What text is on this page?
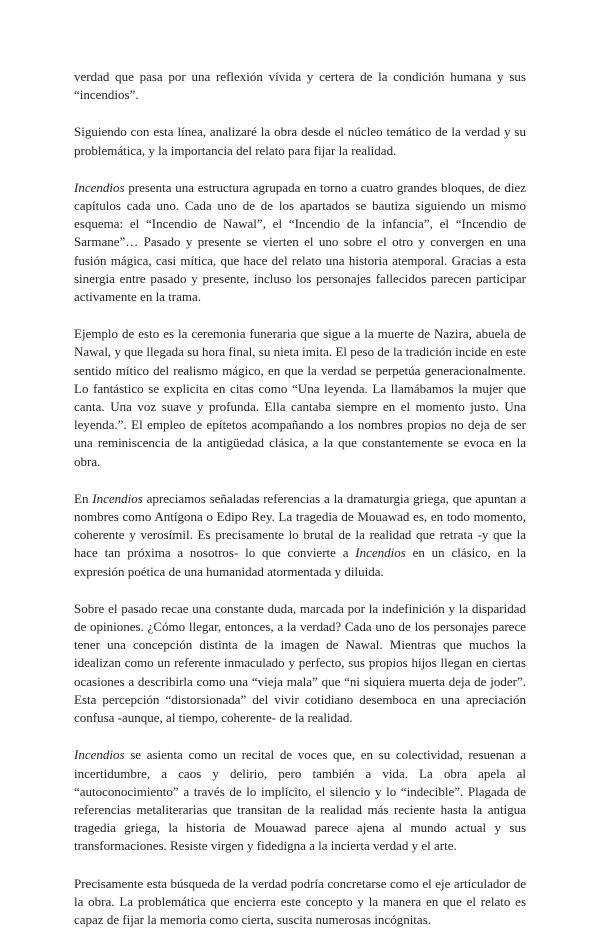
verdad que pasa por una reflexión vívida y certera de la condición humana y sus “incendios”.

Siguiendo con esta línea, analizaré la obra desde el núcleo temático de la verdad y su problemática, y la importancia del relato para fijar la realidad.

Incendios presenta una estructura agrupada en torno a cuatro grandes bloques, de diez capítulos cada uno. Cada uno de de los apartados se bautiza siguiendo un mismo esquema: el “Incendio de Nawal”, el “Incendio de la infancia”, el “Incendio de Sarmane”… Pasado y presente se vierten el uno sobre el otro y convergen en una fusión mágica, casi mítica, que hace del relato una historia atemporal. Gracias a esta sinergia entre pasado y presente, incluso los personajes fallecidos parecen participar activamente en la trama.

Ejemplo de esto es la ceremonia funeraria que sigue a la muerte de Nazira, abuela de Nawal, y que llegada su hora final, su nieta imita. El peso de la tradición incide en este sentido mítico del realismo mágico, en que la verdad se perpetúa generacionalmente. Lo fantástico se explicita en citas como “Una leyenda. La llamábamos la mujer que canta. Una voz suave y profunda. Ella cantaba siempre en el momento justo. Una leyenda.”. El empleo de epítetos acompañando a los nombres propios no deja de ser una reminiscencia de la antigüedad clásica, a la que constantemente se evoca en la obra.

En Incendios apreciamos señaladas referencias a la dramaturgia griega, que apuntan a nombres como Antígona o Edipo Rey. La tragedia de Mouawad es, en todo momento, coherente y verosímil. Es precisamente lo brutal de la realidad que retrata -y que la hace tan próxima a nosotros- lo que convierte a Incendios en un clásico, en la expresión poética de una humanidad atormentada y diluida.

Sobre el pasado recae una constante duda, marcada por la indefinición y la disparidad de opiniones. ¿Cómo llegar, entonces, a la verdad? Cada uno de los personajes parece tener una concepción distinta de la imagen de Nawal. Mientras que muchos la idealizan como un referente inmaculado y perfecto, sus propios hijos llegan en ciertas ocasiones a describirla como una “vieja mala” que “ni siquiera muerta deja de joder”. Esta percepción “distorsionada” del vivir cotidiano desemboca en una apreciación confusa -aunque, al tiempo, coherente- de la realidad.

Incendios se asienta como un recital de voces que, en su colectividad, resuenan a incertidumbre, a caos y delirio, pero también a vida. La obra apela al “autoconocimiento” a través de lo implícito, el silencio y lo “indecible”. Plagada de referencias metaliterarias que transitan de la realidad más reciente hasta la antigua tragedia griega, la historia de Mouawad parece ajena al mundo actual y sus transformaciones. Resiste virgen y fidedigna a la incierta verdad y el arte.

Precisamente esta búsqueda de la verdad podría concretarse como el eje articulador de la obra. La problemática que encierra este concepto y la manera en que el relato es capaz de fijar la memoria como cierta, suscita numerosas incógnitas.
